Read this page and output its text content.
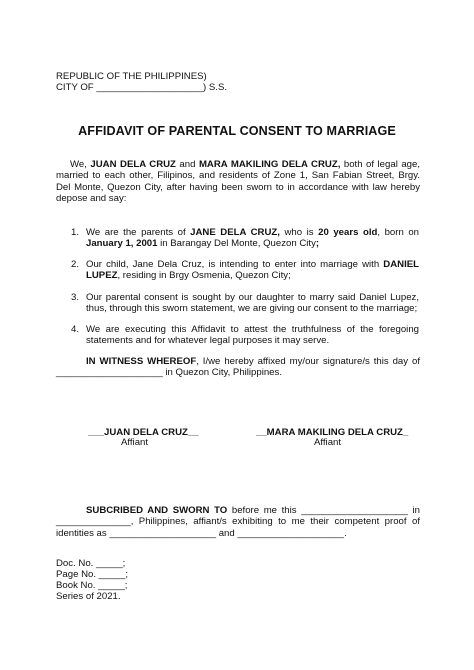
REPUBLIC OF THE PHILIPPINES)
CITY OF ____________________) S.S.
AFFIDAVIT OF PARENTAL CONSENT TO MARRIAGE
We, JUAN DELA CRUZ and MARA MAKILING DELA CRUZ, both of legal age, married to each other, Filipinos, and residents of Zone 1, San Fabian Street, Brgy. Del Monte, Quezon City, after having been sworn to in accordance with law hereby depose and say:
1. We are the parents of JANE DELA CRUZ, who is 20 years old, born on January 1, 2001 in Barangay Del Monte, Quezon City;
2. Our child, Jane Dela Cruz, is intending to enter into marriage with DANIEL LUPEZ, residing in Brgy Osmenia, Quezon City;
3. Our parental consent is sought by our daughter to marry said Daniel Lupez, thus, through this sworn statement, we are giving our consent to the marriage;
4. We are executing this Affidavit to attest the truthfulness of the foregoing statements and for whatever legal purposes it may serve.
IN WITNESS WHEREOF, I/we hereby affixed my/our signature/s this day of ____________________ in Quezon City, Philippines.
___JUAN DELA CRUZ__
Affiant
__MARA MAKILING DELA CRUZ_
Affiant
SUBCRIBED AND SWORN TO before me this ____________________ in ______________, Philippines, affiant/s exhibiting to me their competent proof of identities as ____________________ and ____________________.
Doc. No. _____;
Page No. _____;
Book No. _____;
Series of 2021.
